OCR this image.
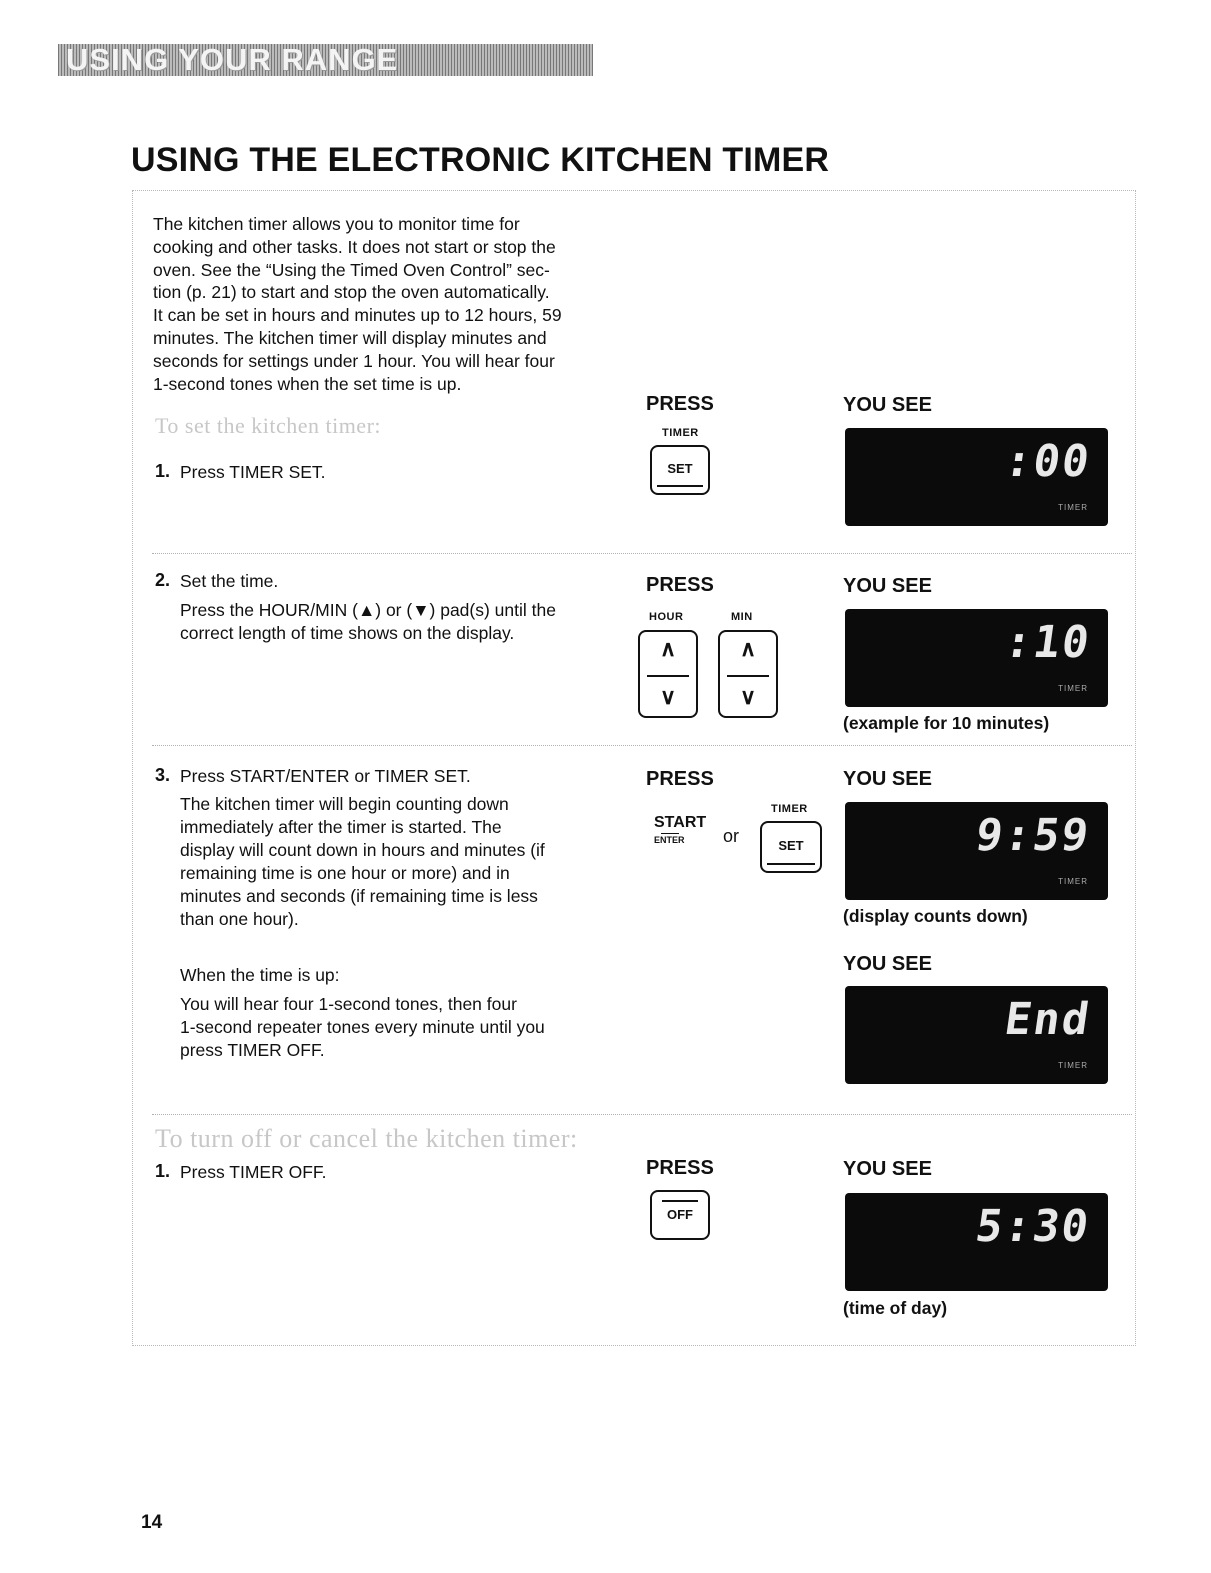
USING YOUR RANGE
USING THE ELECTRONIC KITCHEN TIMER

The kitchen timer allows you to monitor time for

cooking and other tasks. It does not start or stop the

oven. See the “Using the Timed Oven Control” sec-

tion (p. 21) to start and stop the oven automatically.

It can be set in hours and minutes up to 12 hours, 59

minutes. The kitchen timer will display minutes and

seconds for settings under 1 hour. You will hear four

1-second tones when the set time is up.

To set the kitchen timer:
1. Press TIMER SET.
PRESS	YOU SEE
TIMER
SET	:00
TIMER
2. Set the time.
Press the HOUR/MIN (▲) or (▼) pad(s) until the
correct length of time shows on the display.
PRESS	YOU SEE
HOUR	MIN
∧
∨
∧
∨
:10
TIMER
(example for 10 minutes)
3. Press START/ENTER or TIMER SET.
The kitchen timer will begin counting down
immediately after the timer is started. The
display will count down in hours and minutes (if
remaining time is one hour or more) and in
minutes and seconds (if remaining time is less
than one hour).
PRESS	YOU SEE
START
ENTER	or
TIMER
SET	9:59
TIMER
(display counts down)
When the time is up:
You will hear four 1-second tones, then four
1-second repeater tones every minute until you
press TIMER OFF.
YOU SEE
End
TIMER
To turn off or cancel the kitchen timer:
1. Press TIMER OFF.	PRESS	YOU SEE
OFF	5:30
(time of day)
14
